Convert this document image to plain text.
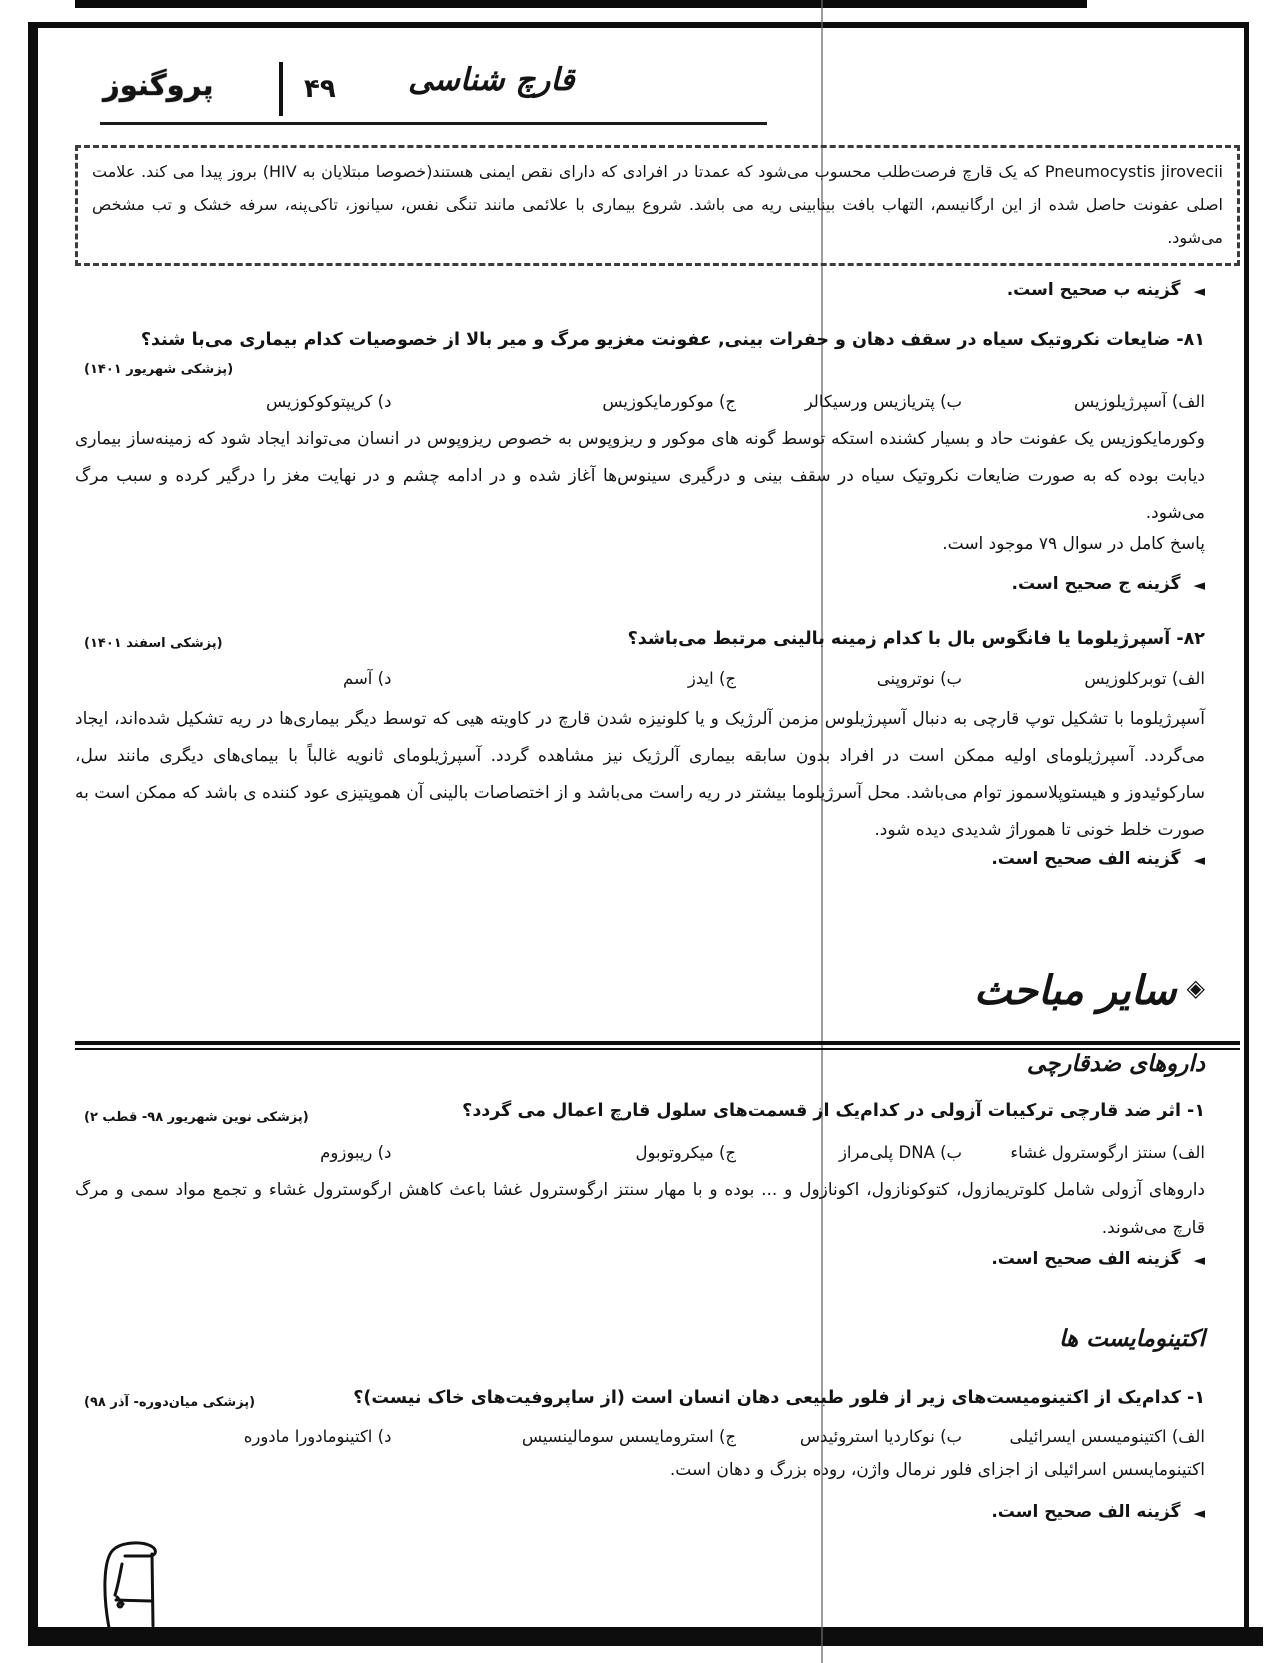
پروگنوز	۴۹ قارچ شناسی
Pneumocystis jirovecii که یک قارچ فرصت‌طلب محسوب می‌شود که عمدتا در افرادی که دارای نقص ایمنی هستند(خصوصا مبتلایان به HIV) بروز پیدا می کند. علامت اصلی عفونت حاصل شده از این ارگانیسم، التهاب بافت بینابینی ریه می باشد. شروع بیماری با علائمی مانند تنگی نفس، سیانوز، تاکی‌پنه، سرفه خشک و تب مشخص می‌شود.
◄ گزینه ب صحیح است.
۸۱- ضایعات نکروتیک سیاه در سقف دهان و حفرات بینی, عفونت مغزیو مرگ و میر بالا از خصوصیات کدام بیماری می‌با شند؟
(پزشکی شهریور ۱۴۰۱)
الف) آسپرژیلوزیس
ب) پتریازیس ورسیکالر
ج) موکورمایکوزیس
د) کریپتوکوکوزیس
وکورمایکوزیس یک عفونت حاد و بسیار کشنده استکه توسط گونه های موکور و ریزوپوس به خصوص ریزوپوس در انسان می‌تواند ایجاد شود که زمینه‌ساز بیماری دیابت بوده که به صورت ضایعات نکروتیک سیاه در سقف بینی و درگیری سینوس‌ها آغاز شده و در ادامه چشم و در نهایت مغز را درگیر کرده و سبب مرگ می‌شود.
پاسخ کامل در سوال ۷۹ موجود است.
◄ گزینه ج صحیح است.
۸۲- آسپرژیلوما یا فانگوس بال با کدام زمینه بالینی مرتبط می‌باشد؟
(پزشکی اسفند ۱۴۰۱)
الف) توبرکلوزیس
ب) نوتروپنی
ج) ایدز
د) آسم
آسپرژیلوما با تشکیل توپ قارچی به دنبال آسپرژیلوس مزمن آلرژیک و یا کلونیزه شدن قارچ در کاویته هیی که توسط دیگر بیماری‌ها در ریه تشکیل شده‌اند، ایجاد می‌گردد. آسپرژیلومای اولیه ممکن است در افراد بدون سابقه بیماری آلرژیک نیز مشاهده گردد. آسپرژیلومای ثانویه غالباً با بیمای‌های دیگری مانند سل، سارکوئیدوز و هیستوپلاسموز توام می‌باشد. محل آسرژیلوما بیشتر در ریه راست می‌باشد و از اختصاصات بالینی آن هموپتیزی عود کننده ی باشد که ممکن است به صورت خلط خونی تا هموراژ شدیدی دیده شود.
◄ گزینه الف صحیح است.
◈سایر مباحث
داروهای ضدقارچی
۱- اثر ضد قارچی ترکیبات آزولی در کدام‌یک از قسمت‌های سلول قارچ اعمال می گردد؟
(پزشکی نوین شهریور ۹۸- قطب ۲)
الف) سنتز ارگوسترول غشاء
ب) DNA پلی‌مراز
ج) میکروتوبول
د) ریبوزوم
داروهای آزولی شامل کلوتریمازول، کتوکونازول، اکونازول و ... بوده و با مهار سنتز ارگوسترول غشا باعث کاهش ارگوسترول غشاء و تجمع مواد سمی و مرگ قارچ می‌شوند.
◄ گزینه الف صحیح است.
اکتینومایست ها
۱- کدام‌یک از اکتینومیست‌های زیر از فلور طبیعی دهان انسان است (از ساپروفیت‌های خاک نیست)؟
(پزشکی میان‌دوره- آذر ۹۸)
الف) اکتینومیسس ایسرائیلی
ب) نوکاردیا استروئیدس
ج) استرومایسس سومالینسیس
د) اکتینومادورا مادوره
اکتینومایسس اسرائیلی از اجزای فلور نرمال واژن، روده بزرگ و دهان است.
◄ گزینه الف صحیح است.
